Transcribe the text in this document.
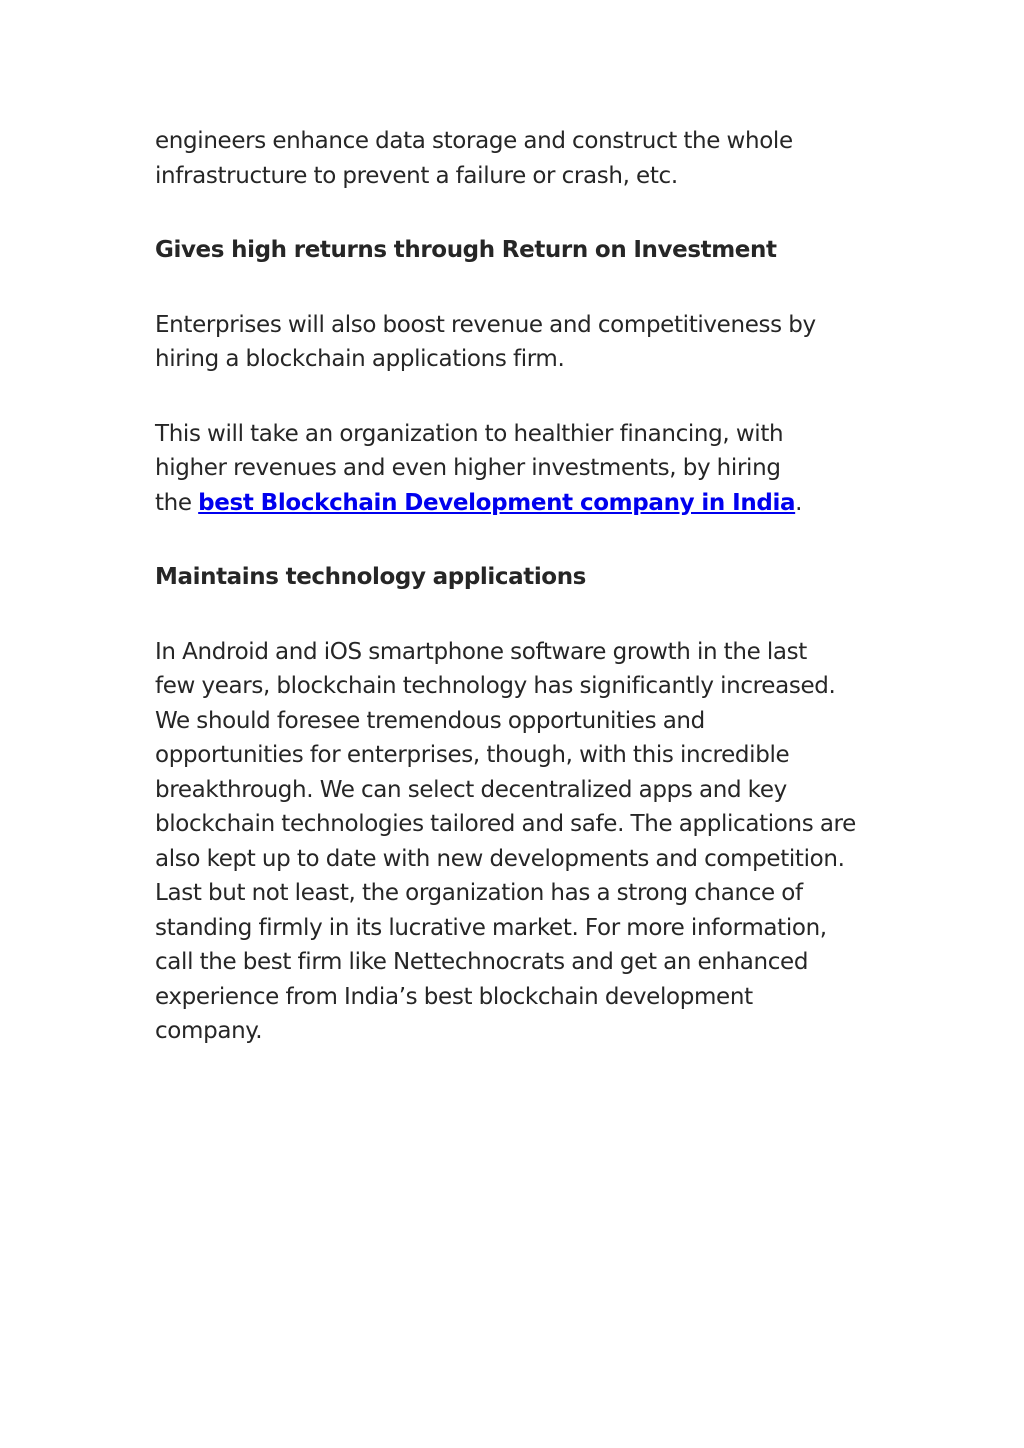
engineers enhance data storage and construct the whole
infrastructure to prevent a failure or crash, etc.

Gives high returns through Return on Investment

Enterprises will also boost revenue and competitiveness by
hiring a blockchain applications firm.

This will take an organization to healthier financing, with
higher revenues and even higher investments, by hiring
the best Blockchain Development company in India.

Maintains technology applications

In Android and iOS smartphone software growth in the last
few years, blockchain technology has significantly increased.
We should foresee tremendous opportunities and
opportunities for enterprises, though, with this incredible
breakthrough. We can select decentralized apps and key
blockchain technologies tailored and safe. The applications are
also kept up to date with new developments and competition.
Last but not least, the organization has a strong chance of
standing firmly in its lucrative market. For more information,
call the best firm like Nettechnocrats and get an enhanced
experience from India’s best blockchain development
company.
